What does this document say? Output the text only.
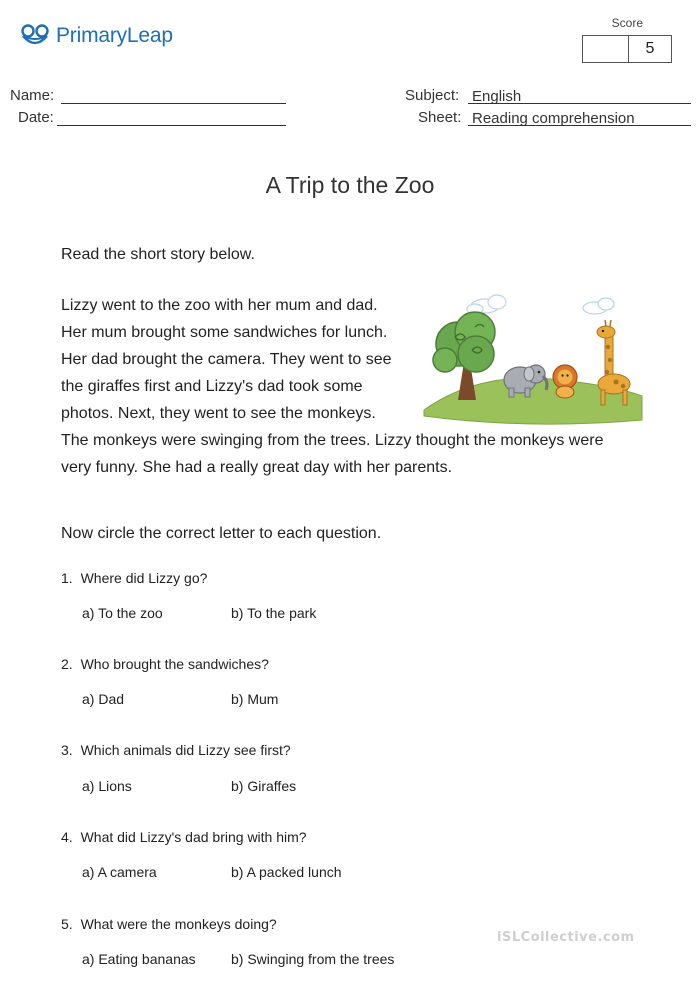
PrimaryLeap
Score
5
Name:
Date:
Subject: English
Sheet: Reading comprehension
A Trip to the Zoo
Read the short story below.
Lizzy went to the zoo with her mum and dad.
Her mum brought some sandwiches for lunch.
Her dad brought the camera. They went to see
the giraffes first and Lizzy's dad took some
photos. Next, they went to see the monkeys.
The monkeys were swinging from the trees. Lizzy thought the monkeys were
very funny. She had a really great day with her parents.
Now circle the correct letter to each question.
1. Where did Lizzy go?
a) To the zoo	b) To the park
2. Who brought the sandwiches?
a) Dad	b) Mum
3. Which animals did Lizzy see first?
a) Lions	b) Giraffes
4. What did Lizzy's dad bring with him?
a) A camera	b) A packed lunch
5. What were the monkeys doing?
a) Eating bananas	b) Swinging from the trees
iSLCollective.com
